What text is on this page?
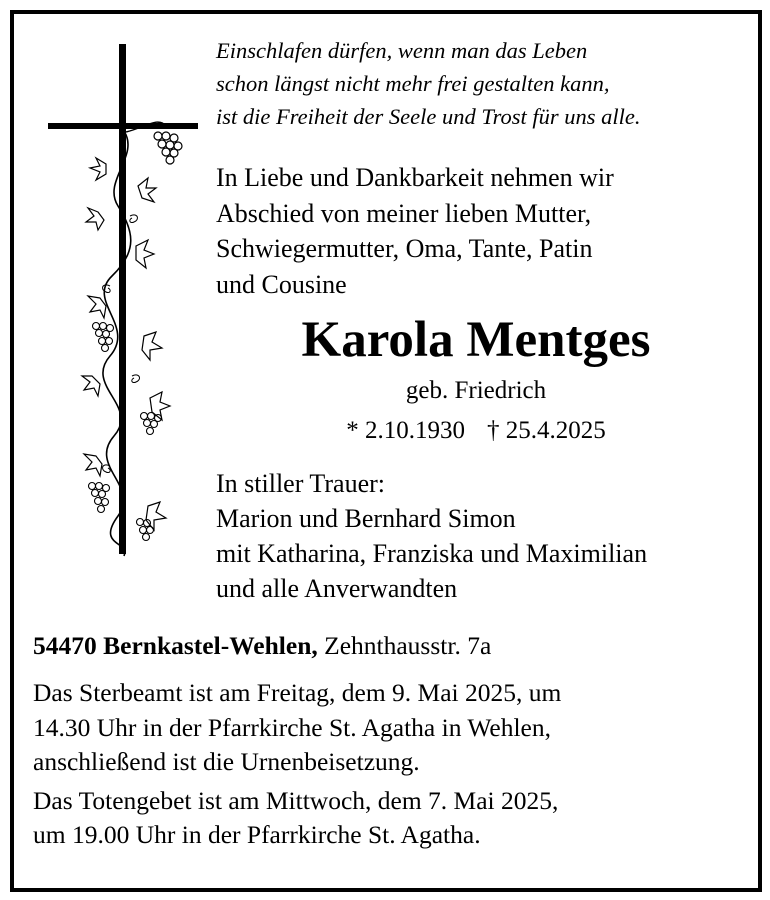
Einschlafen dürfen, wenn man das Leben
schon längst nicht mehr frei gestalten kann,
ist die Freiheit der Seele und Trost für uns alle.
In Liebe und Dankbarkeit nehmen wir
Abschied von meiner lieben Mutter,
Schwiegermutter, Oma, Tante, Patin
und Cousine
Karola Mentges
geb. Friedrich
* 2.10.1930 † 25.4.2025
In stiller Trauer:
Marion und Bernhard Simon
mit Katharina, Franziska und Maximilian
und alle Anverwandten
54470 Bernkastel-Wehlen, Zehnthausstr. 7a
Das Sterbeamt ist am Freitag, dem 9. Mai 2025, um
14.30 Uhr in der Pfarrkirche St. Agatha in Wehlen,
anschließend ist die Urnenbeisetzung.
Das Totengebet ist am Mittwoch, dem 7. Mai 2025,
um 19.00 Uhr in der Pfarrkirche St. Agatha.
